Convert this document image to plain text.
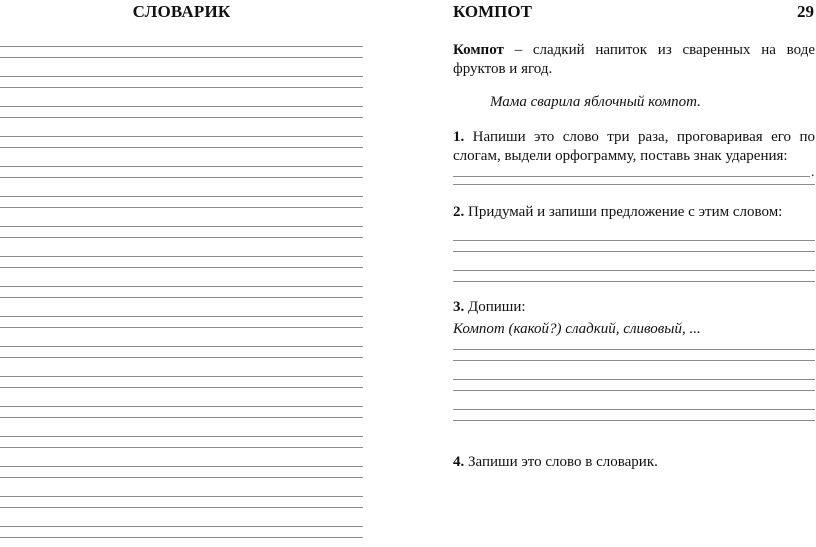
СЛОВАРИК	КОМПОТ	29
Компот – сладкий напиток из сваренных на воде фруктов и ягод.
Мама сварила яблочный компот.
1. Напиши это слово три раза, проговаривая его по слогам, выдели орфограмму, поставь знак ударения:
.
2. Придумай и запиши предложение с этим словом:
3. Допиши:
Компот (какой?) сладкий, сливовый, ...
4. Запиши это слово в словарик.
